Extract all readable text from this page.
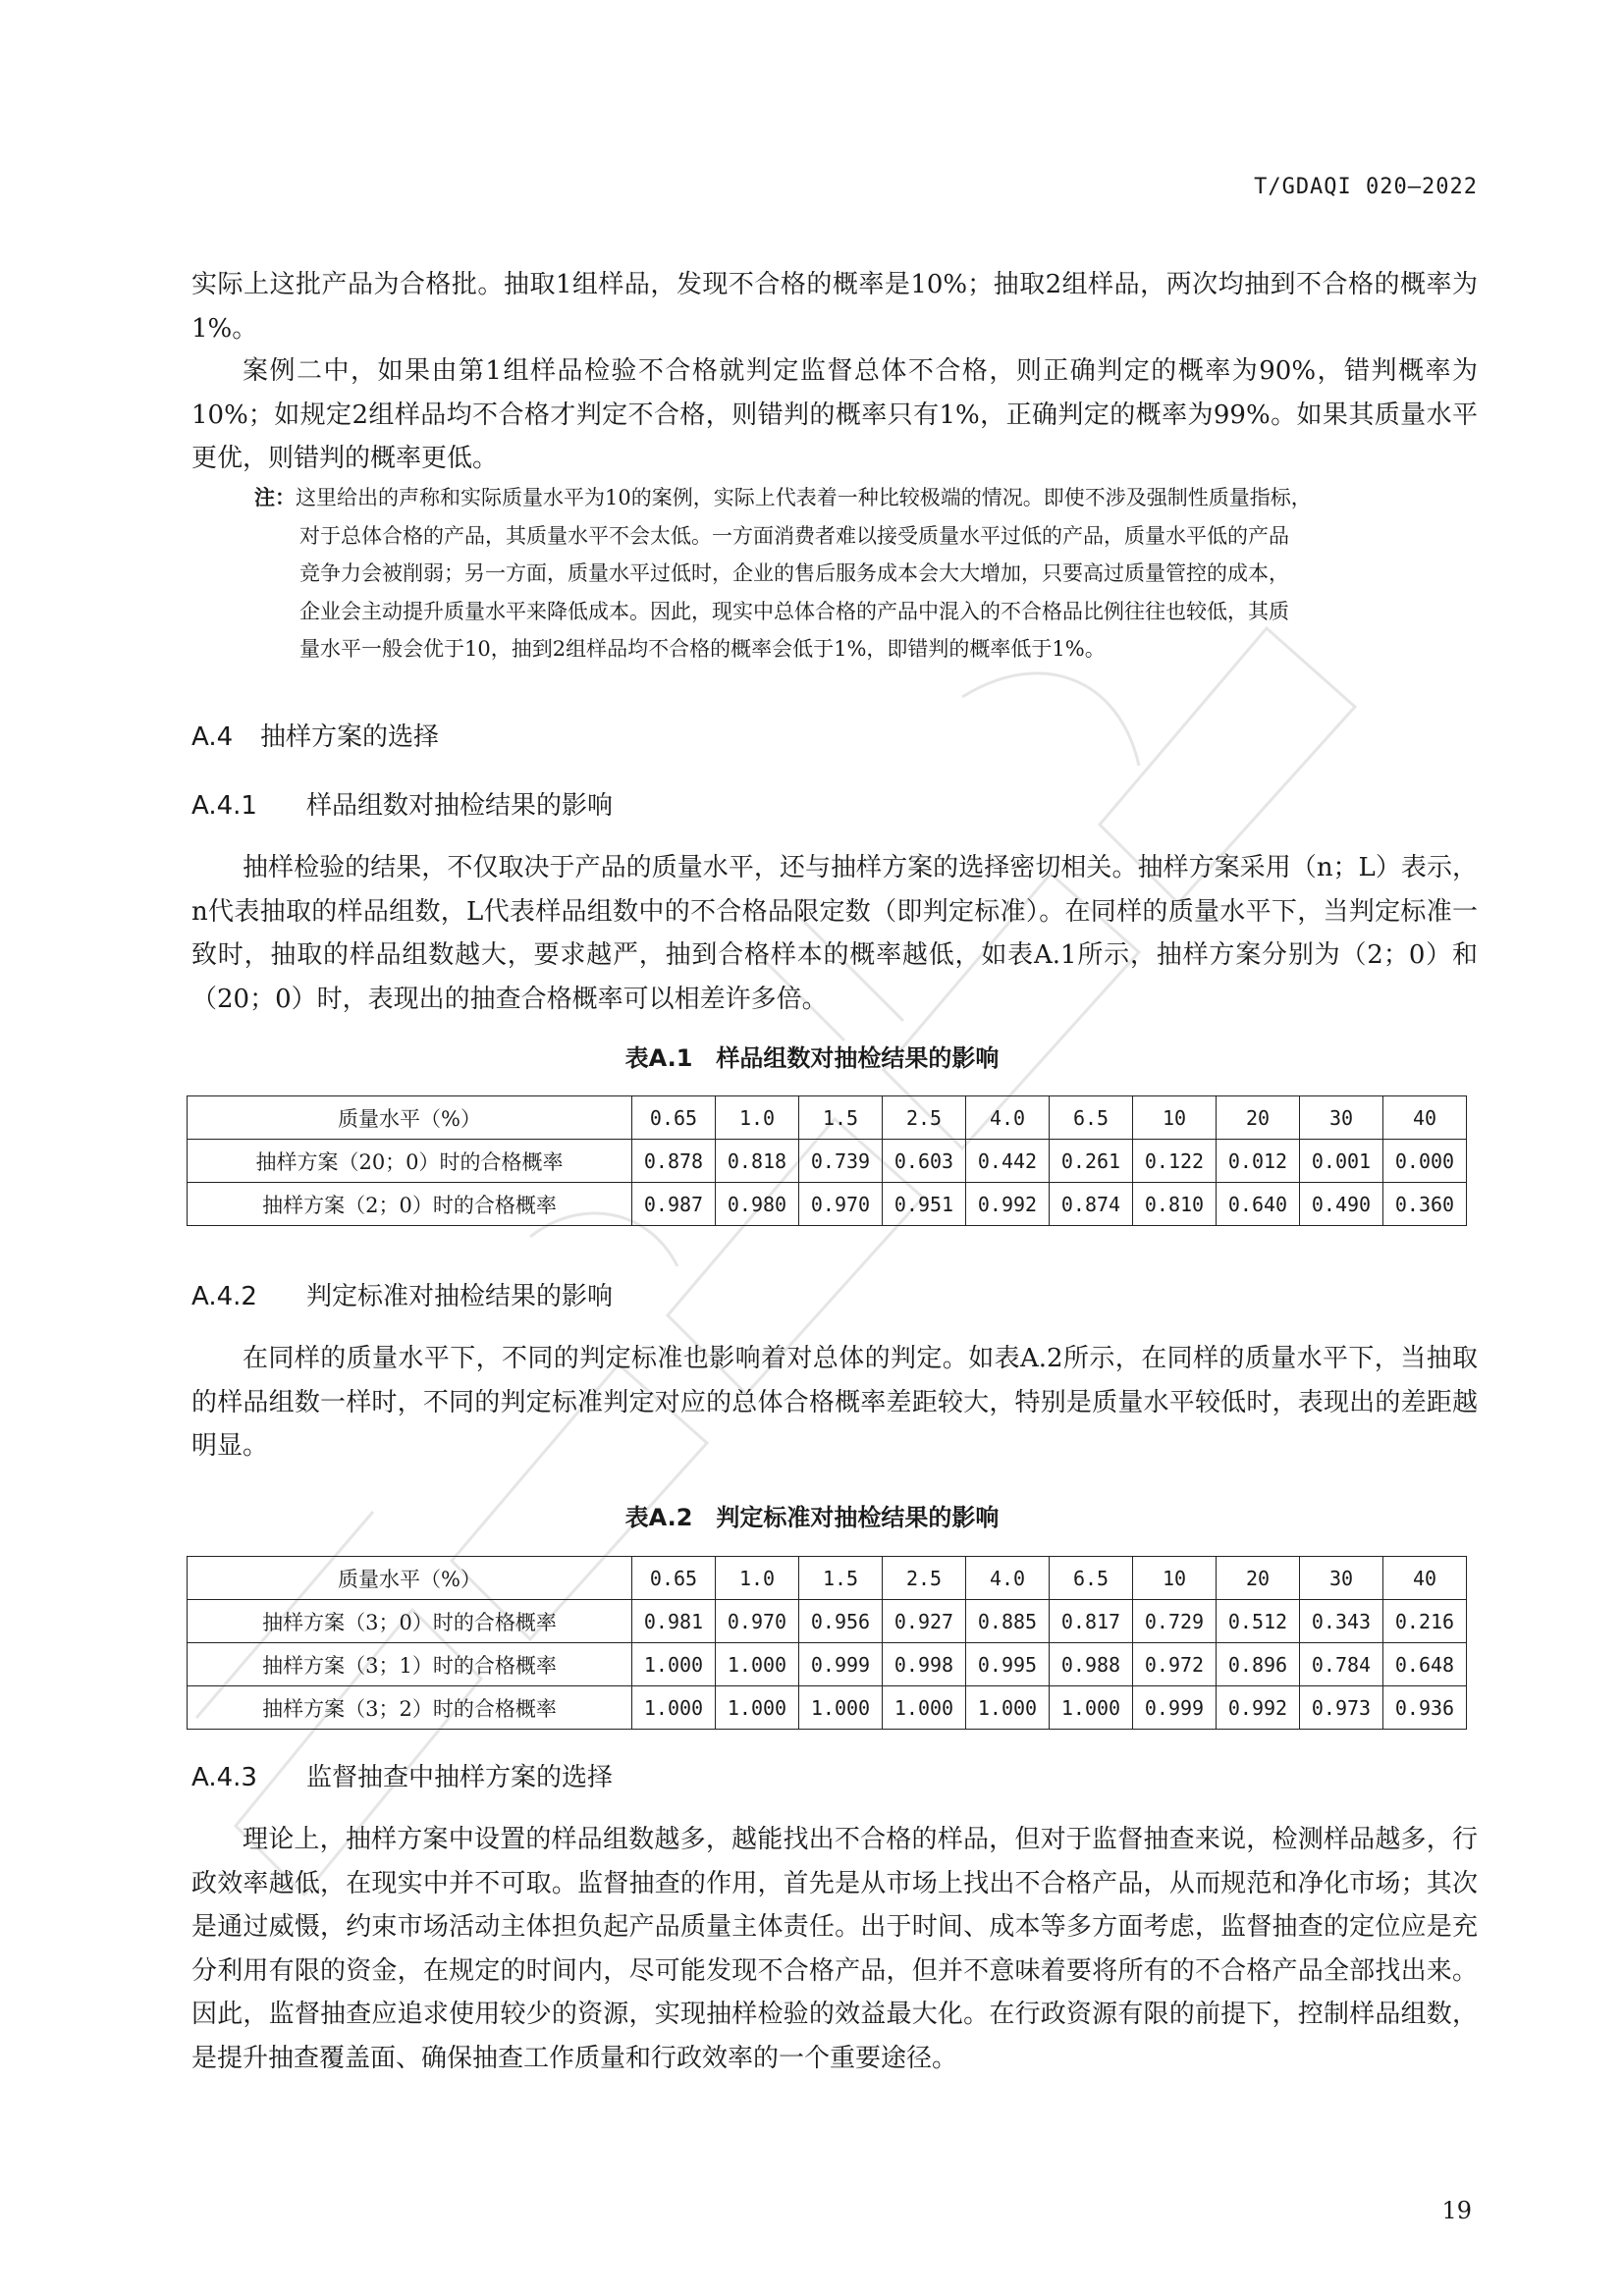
T/GDAQI 020—2022

实际上这批产品为合格批。抽取1组样品，发现不合格的概率是10%；抽取2组样品，两次均抽到不合格的概率为1%。

案例二中，如果由第1组样品检验不合格就判定监督总体不合格，则正确判定的概率为90%，错判概率为10%；如规定2组样品均不合格才判定不合格，则错判的概率只有1%，正确判定的概率为99%。如果其质量水平更优，则错判的概率更低。

注：这里给出的声称和实际质量水平为10的案例，实际上代表着一种比较极端的情况。即使不涉及强制性质量指标，
对于总体合格的产品，其质量水平不会太低。一方面消费者难以接受质量水平过低的产品，质量水平低的产品
竞争力会被削弱；另一方面，质量水平过低时，企业的售后服务成本会大大增加，只要高过质量管控的成本，
企业会主动提升质量水平来降低成本。因此，现实中总体合格的产品中混入的不合格品比例往往也较低，其质
量水平一般会优于10，抽到2组样品均不合格的概率会低于1%，即错判的概率低于1%。
A.4 抽样方案的选择
A.4.1 样品组数对抽检结果的影响

抽样检验的结果，不仅取决于产品的质量水平，还与抽样方案的选择密切相关。抽样方案采用（n；L）表示，n代表抽取的样品组数，L代表样品组数中的不合格品限定数（即判定标准）。在同样的质量水平下，当判定标准一致时，抽取的样品组数越大，要求越严，抽到合格样本的概率越低，如表A.1所示，抽样方案分别为（2；0）和（20；0）时，表现出的抽查合格概率可以相差许多倍。

表A.1　样品组数对抽检结果的影响
质量水平（%）	0.65	1.0	1.5	2.5	4.0	6.5	10	20	30	40
抽样方案（20；0）时的合格概率	0.878	0.818	0.739	0.603	0.442	0.261	0.122	0.012	0.001	0.000
抽样方案（2；0）时的合格概率	0.987	0.980	0.970	0.951	0.992	0.874	0.810	0.640	0.490	0.360
A.4.2 判定标准对抽检结果的影响

在同样的质量水平下，不同的判定标准也影响着对总体的判定。如表A.2所示，在同样的质量水平下，当抽取的样品组数一样时，不同的判定标准判定对应的总体合格概率差距较大，特别是质量水平较低时，表现出的差距越明显。

表A.2　判定标准对抽检结果的影响
质量水平（%）	0.65	1.0	1.5	2.5	4.0	6.5	10	20	30	40
抽样方案（3；0）时的合格概率	0.981	0.970	0.956	0.927	0.885	0.817	0.729	0.512	0.343	0.216
抽样方案（3；1）时的合格概率	1.000	1.000	0.999	0.998	0.995	0.988	0.972	0.896	0.784	0.648
抽样方案（3；2）时的合格概率	1.000	1.000	1.000	1.000	1.000	1.000	0.999	0.992	0.973	0.936
A.4.3 监督抽查中抽样方案的选择

理论上，抽样方案中设置的样品组数越多，越能找出不合格的样品，但对于监督抽查来说，检测样品越多，行政效率越低，在现实中并不可取。监督抽查的作用，首先是从市场上找出不合格产品，从而规范和净化市场；其次是通过威慑，约束市场活动主体担负起产品质量主体责任。出于时间、成本等多方面考虑，监督抽查的定位应是充分利用有限的资金，在规定的时间内，尽可能发现不合格产品，但并不意味着要将所有的不合格产品全部找出来。因此，监督抽查应追求使用较少的资源，实现抽样检验的效益最大化。在行政资源有限的前提下，控制样品组数，是提升抽查覆盖面、确保抽查工作质量和行政效率的一个重要途径。

19
